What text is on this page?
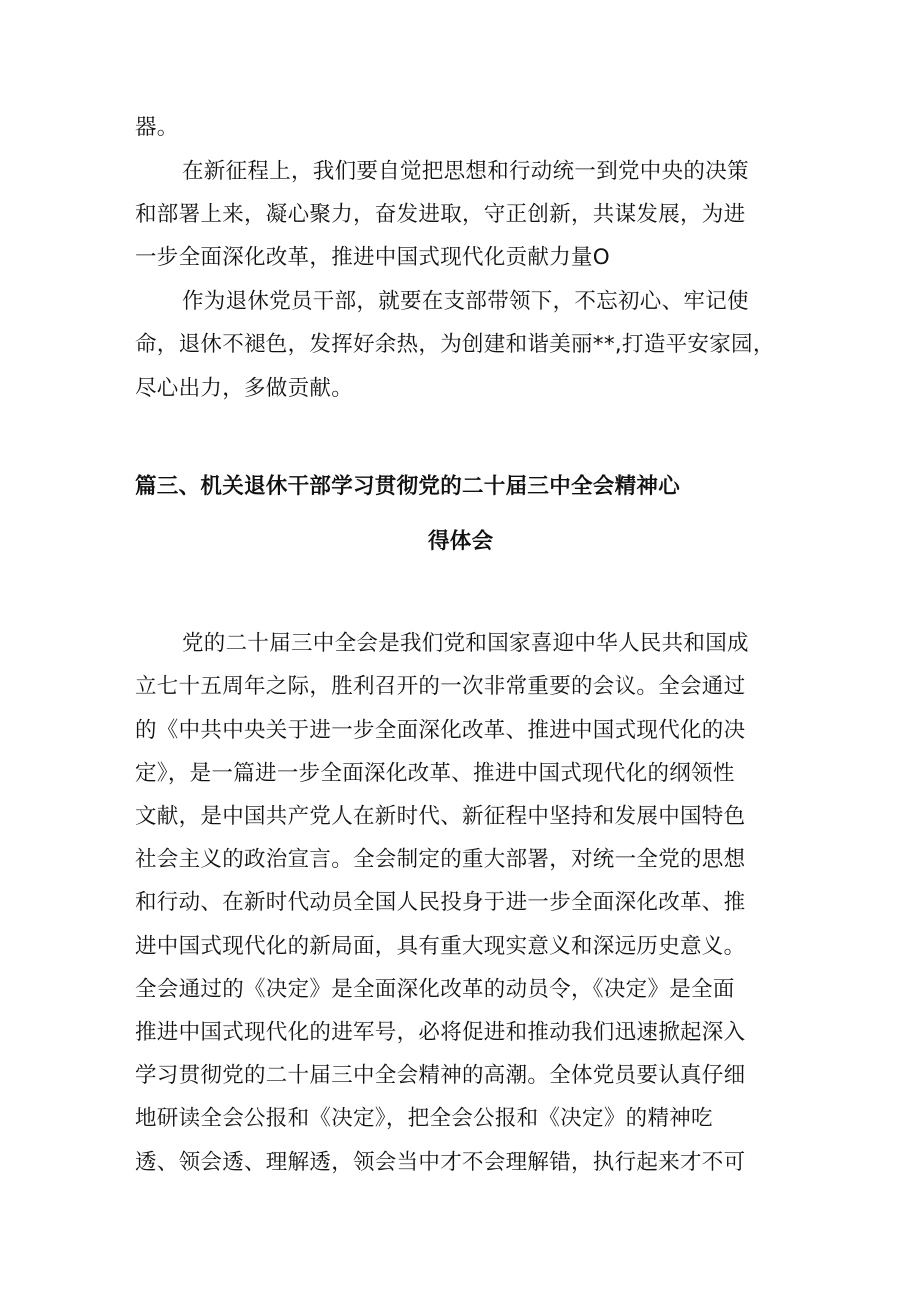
器。
在新征程上，我们要自觉把思想和行动统一到党中央的决策
和部署上来，凝心聚力，奋发进取，守正创新，共谋发展，为进
一步全面深化改革，推进中国式现代化贡献力量O
作为退休党员干部，就要在支部带领下，不忘初心、牢记使
命，退休不褪色，发挥好余热，为创建和谐美丽**,打造平安家园，
尽心出力，多做贡献。
篇三、机关退休干部学习贯彻党的二十届三中全会精神心
得体会
党的二十届三中全会是我们党和国家喜迎中华人民共和国成
立七十五周年之际，胜利召开的一次非常重要的会议。全会通过
的《中共中央关于进一步全面深化改革、推进中国式现代化的决
定》，是一篇进一步全面深化改革、推进中国式现代化的纲领性
文献，是中国共产党人在新时代、新征程中坚持和发展中国特色
社会主义的政治宣言。全会制定的重大部署，对统一全党的思想
和行动、在新时代动员全国人民投身于进一步全面深化改革、推
进中国式现代化的新局面，具有重大现实意义和深远历史意义。
全会通过的《决定》是全面深化改革的动员令，《决定》是全面
推进中国式现代化的进军号，必将促进和推动我们迅速掀起深入
学习贯彻党的二十届三中全会精神的高潮。全体党员要认真仔细
地研读全会公报和《决定》，把全会公报和《决定》的精神吃
透、领会透、理解透，领会当中才不会理解错，执行起来才不可
